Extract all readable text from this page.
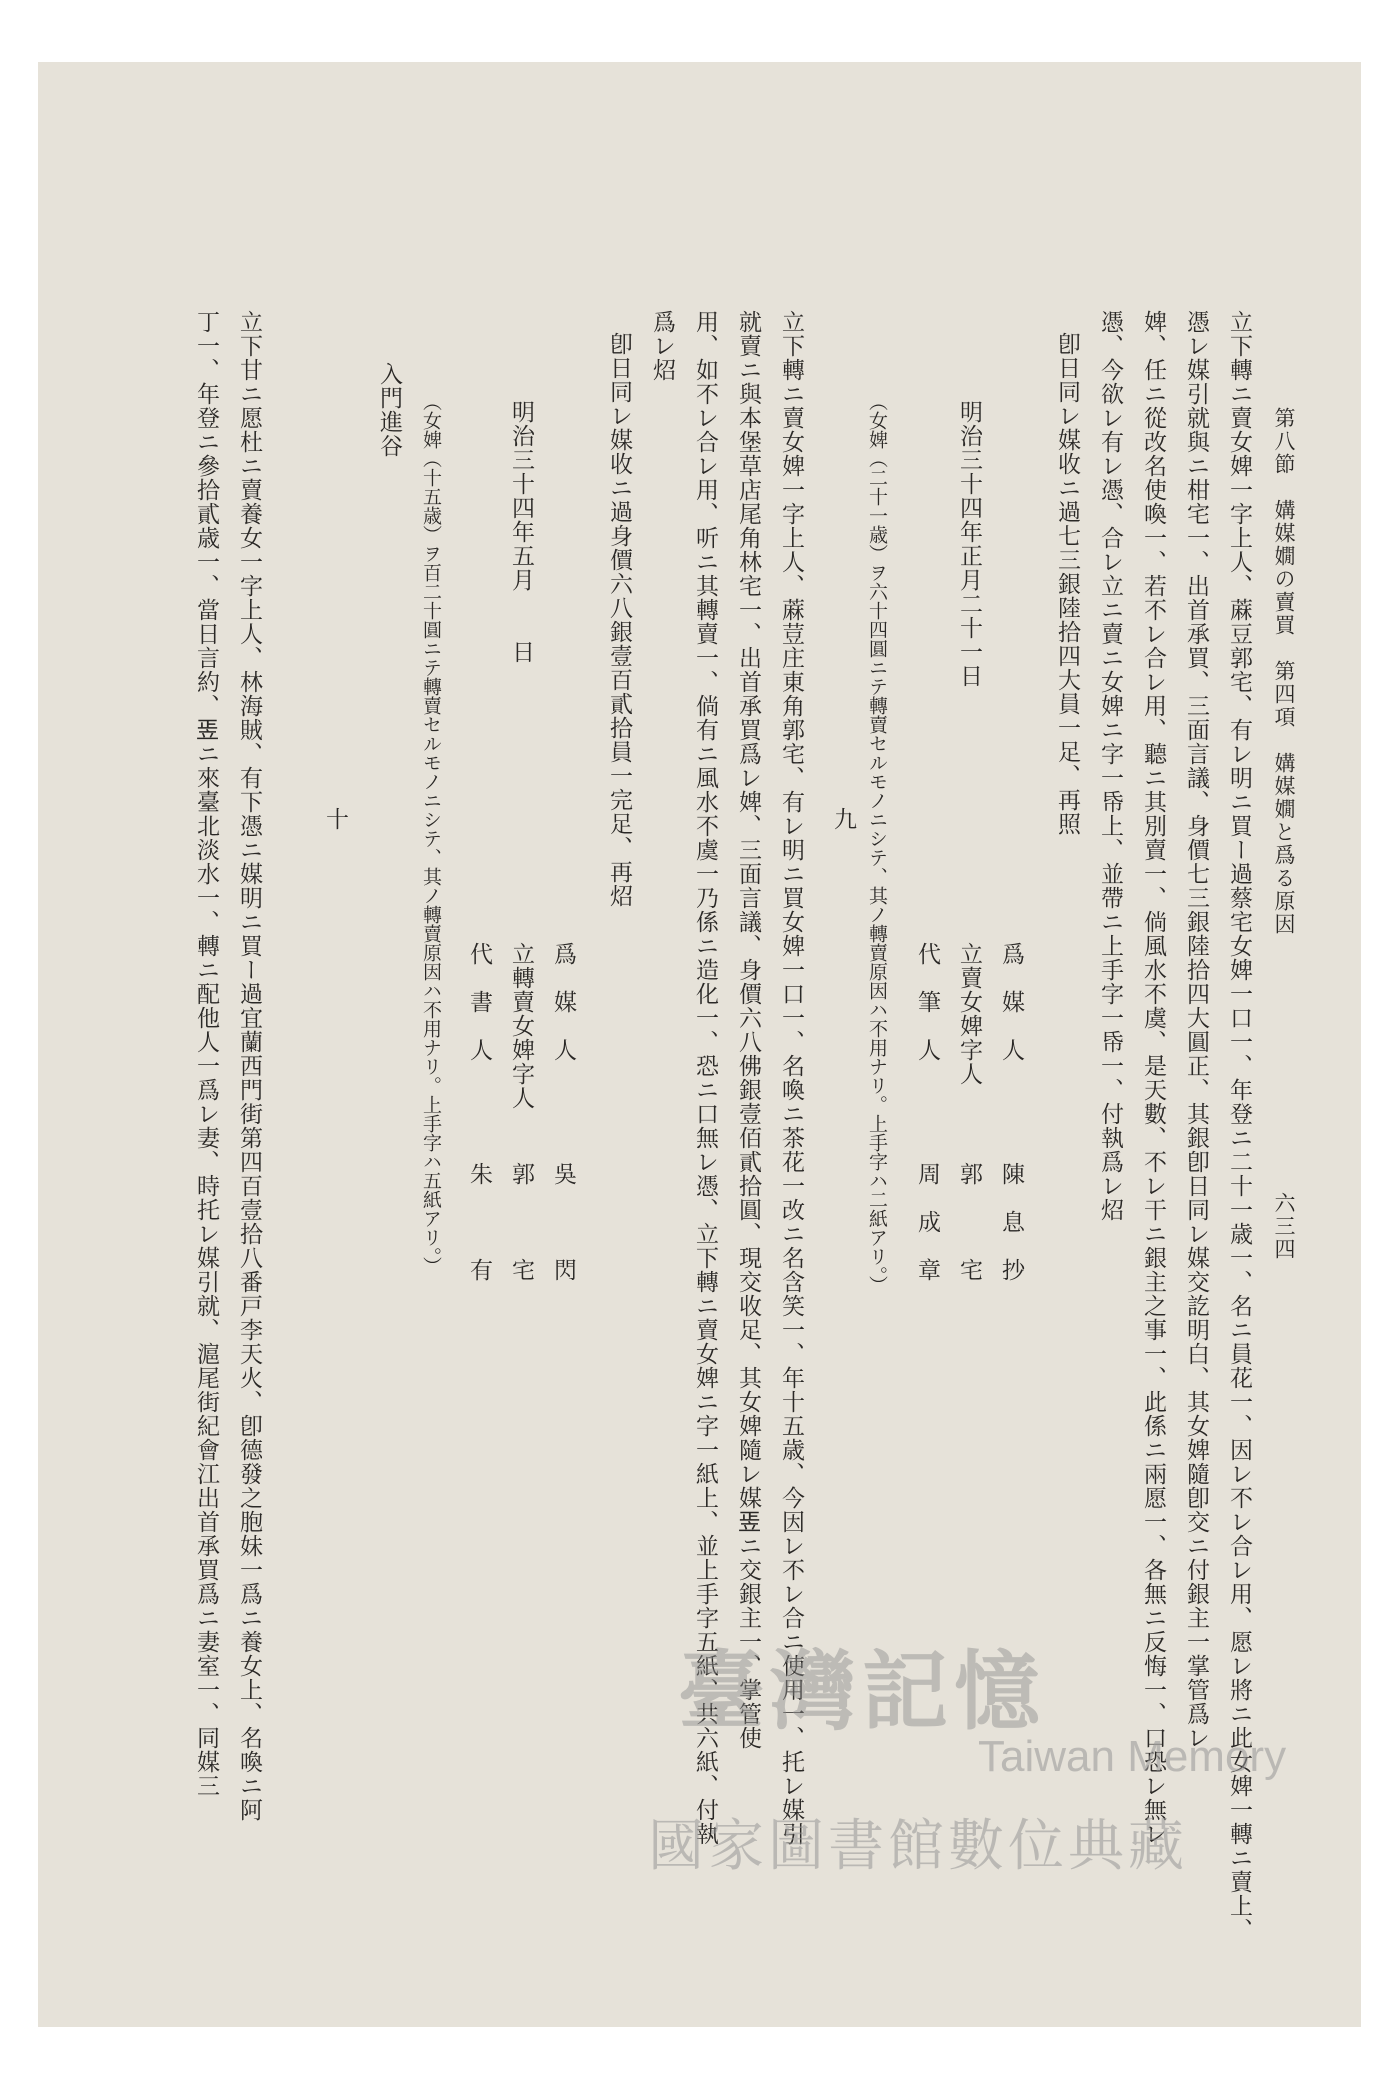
第八節　媾媒嫺の賣買　第四項　媾媒嫺と爲る原因
六三四
立下轉ニ賣女婢一字上人、蔴豆郭宅、有レ明ニ買ー過蔡宅女婢一口一、年登ニ二十一歳一、名ニ員花一、因レ不レ合レ用、愿レ將ニ此女婢一轉ニ賣上、
憑レ媒引就與ニ柑宅一、出首承買、三面言議、身價七三銀陸拾四大圓正、其銀卽日同レ媒交訖明白、其女婢隨卽交ニ付銀主一掌管爲レ
婢、任ニ從改名使喚一、若不レ合レ用、聽ニ其別賣一、倘風水不虞、是天數、不レ干ニ銀主之事一、此係ニ兩愿一、各無ニ反悔一、口恐レ無レ
憑、今欲レ有レ憑、合レ立ニ賣ニ女婢ニ字一帋上、並帶ニ上手字一帋一、付執爲レ炤
卽日同レ媒收ニ過七三銀陸拾四大員一足、再照
爲　媒　人
陳　息　抄
立賣女婢字人
郭　　　宅
代　筆　人
周　成　章
明治三十四年正月二十一日
（女婢（二十一歳）ヲ六十四圓ニテ轉賣セルモノニシテ、其ノ轉賣原因ハ不用ナリ。上手字ハ二紙アリ。）
九
立下轉ニ賣女婢一字上人、蔴荳庄東角郭宅、有レ明ニ買女婢一口一、名喚ニ茶花一改ニ名含笑一、年十五歳、今因レ不レ合ニ使用一、托レ媒引
就賣ニ與本堡草店尾角林宅一、出首承買爲レ婢、三面言議、身價六八佛銀壹佰貳拾圓、現交收足、其女婢隨レ媒𥩠ニ交銀主一、掌管使
用、如不レ合レ用、听ニ其轉賣一、倘有ニ風水不虞一乃係ニ造化一、恐ニ口無レ憑、立下轉ニ賣女婢ニ字一紙上、並上手字五紙、共六紙、付執
爲レ炤
卽日同レ媒收ニ過身價六八銀壹百貳拾員一完足、再炤
爲　媒　人
吳　　　閃
立轉賣女婢字人
郭　　　宅
代　書　人
朱　　　有
明治三十四年五月　　日
（女婢（十五歳）ヲ百二十圓ニテ轉賣セルモノニシテ、其ノ轉賣原因ハ不用ナリ。上手字ハ五紙アリ。）
入門進谷
十
立下甘ニ愿杜ニ賣養女一字上人、林海賊、有下憑ニ媒明ニ買ー過宜蘭西門街第四百壹拾八番戸李天火、卽德發之胞妹一爲ニ養女上、名喚ニ阿
丁一、年登ニ參拾貳歳一、當日言約、𥩠ニ來臺北淡水一、轉ニ配他人一爲レ妻、時托レ媒引就、滬尾街紀會江出首承買爲ニ妻室一、同媒三	臺灣記憶
Taiwan Memory
國家圖書館數位典藏
